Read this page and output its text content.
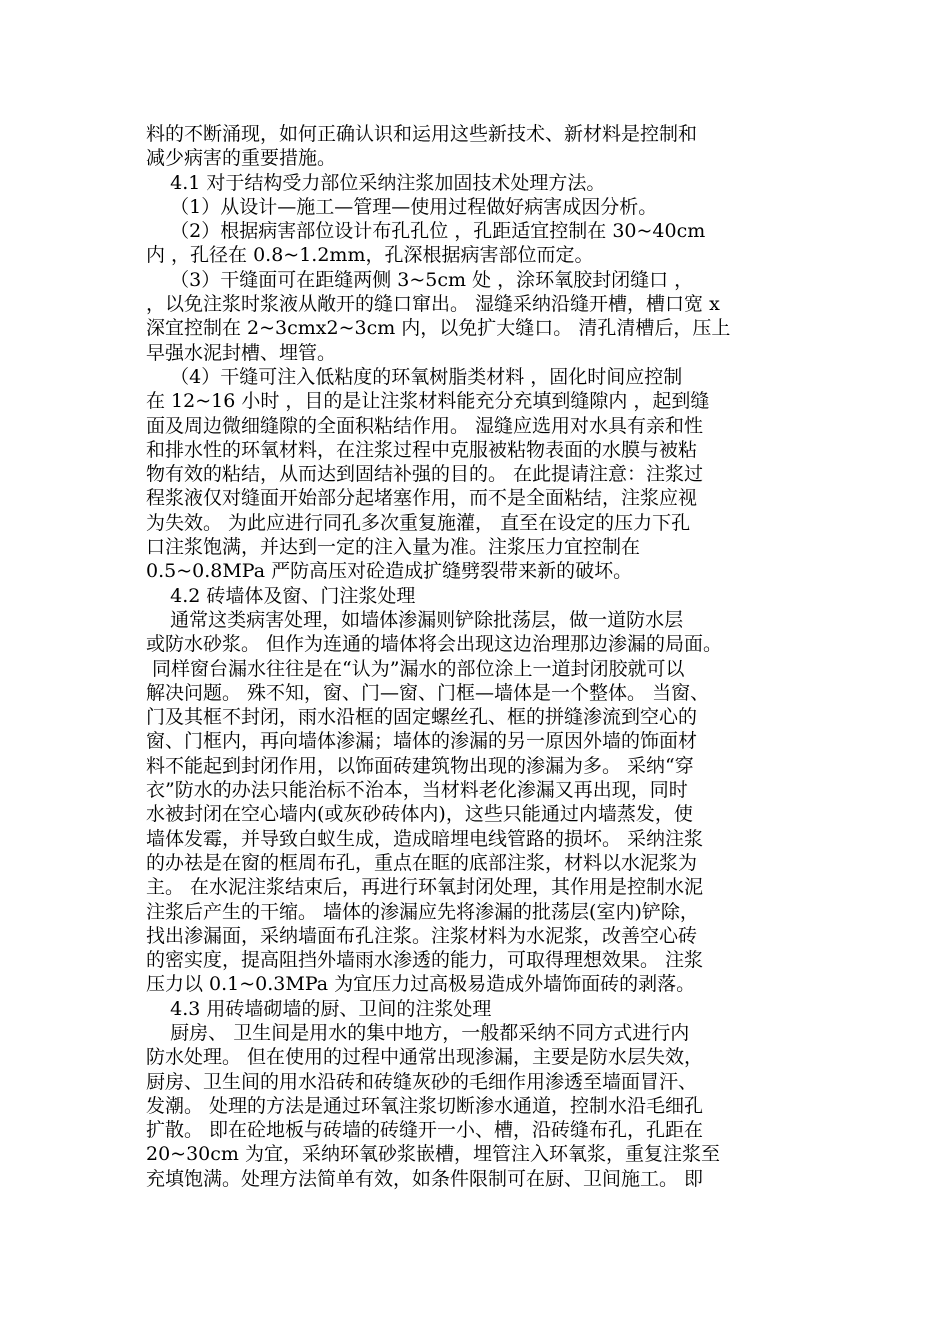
料的不断涌现，如何正确认识和运用这些新技术、新材料是控制和
减少病害的重要措施。
4.1 对于结构受力部位采纳注浆加固技术处理方法。
（1）从设计—施工—管理—使用过程做好病害成因分析。
（2）根据病害部位设计布孔孔位 ，孔距适宜控制在 30~40cm
内 ，孔径在 0.8~1.2mm，孔深根据病害部位而定。
（3）干缝面可在距缝两侧 3~5cm 处 ，涂环氧胶封闭缝口 ，
，以免注浆时浆液从敞开的缝口窜出。 湿缝采纳沿缝开槽，槽口宽 x
深宜控制在 2~3cmx2~3cm 内，以免扩大缝口。 清孔清槽后，压上
早强水泥封槽、埋管。
（4）干缝可注入低粘度的环氧树脂类材料 ，固化时间应控制
在 12~16 小时 ，目的是让注浆材料能充分充填到缝隙内 ，起到缝
面及周边微细缝隙的全面积粘结作用。 湿缝应选用对水具有亲和性
和排水性的环氧材料，在注浆过程中克服被粘物表面的水膜与被粘
物有效的粘结，从而达到固结补强的目的。 在此提请注意：注浆过
程浆液仅对缝面开始部分起堵塞作用，而不是全面粘结，注浆应视
为失效。 为此应进行同孔多次重复施灌， 直至在设定的压力下孔
口注浆饱满，并达到一定的注入量为准。注浆压力宜控制在
0.5~0.8MPa 严防高压对砼造成扩缝劈裂带来新的破坏。
4.2 砖墙体及窗、门注浆处理
通常这类病害处理，如墙体渗漏则铲除批荡层，做一道防水层
或防水砂浆。 但作为连通的墙体将会出现这边治理那边渗漏的局面。
同样窗台漏水往往是在“认为”漏水的部位涂上一道封闭胶就可以
解决问题。 殊不知，窗、门—窗、门框—墙体是一个整体。 当窗、
门及其框不封闭，雨水沿框的固定螺丝孔、框的拼缝渗流到空心的
窗、门框内，再向墙体渗漏；墙体的渗漏的另一原因外墙的饰面材
料不能起到封闭作用，以饰面砖建筑物出现的渗漏为多。 采纳“穿
衣”防水的办法只能治标不治本，当材料老化渗漏又再出现，同时
水被封闭在空心墙内(或灰砂砖体内)，这些只能通过内墙蒸发，使
墙体发霉，并导致白蚁生成，造成暗埋电线管路的损坏。 采纳注浆
的办祛是在窗的框周布孔，重点在眶的底部注浆，材料以水泥浆为
主。 在水泥注浆结束后，再进行环氧封闭处理，其作用是控制水泥
注浆后产生的干缩。 墙体的渗漏应先将渗漏的批荡层(室内)铲除，
找出渗漏面，采纳墙面布孔注浆。注浆材料为水泥浆，改善空心砖
的密实度，提高阻挡外墙雨水渗透的能力，可取得理想效果。 注浆
压力以 0.1~0.3MPa 为宜压力过高极易造成外墙饰面砖的剥落。
4.3 用砖墙砌墙的厨、卫间的注浆处理
厨房、 卫生间是用水的集中地方，一般都采纳不同方式进行内
防水处理。 但在使用的过程中通常出现渗漏，主要是防水层失效，
厨房、卫生间的用水沿砖和砖缝灰砂的毛细作用渗透至墙面冒汗、
发潮。 处理的方法是通过环氧注浆切断渗水通道，控制水沿毛细孔
扩散。 即在砼地板与砖墙的砖缝开一小、槽，沿砖缝布孔，孔距在
20~30cm 为宜，采纳环氧砂浆嵌槽，埋管注入环氧浆，重复注浆至
充填饱满。处理方法简单有效，如条件限制可在厨、卫间施工。 即
